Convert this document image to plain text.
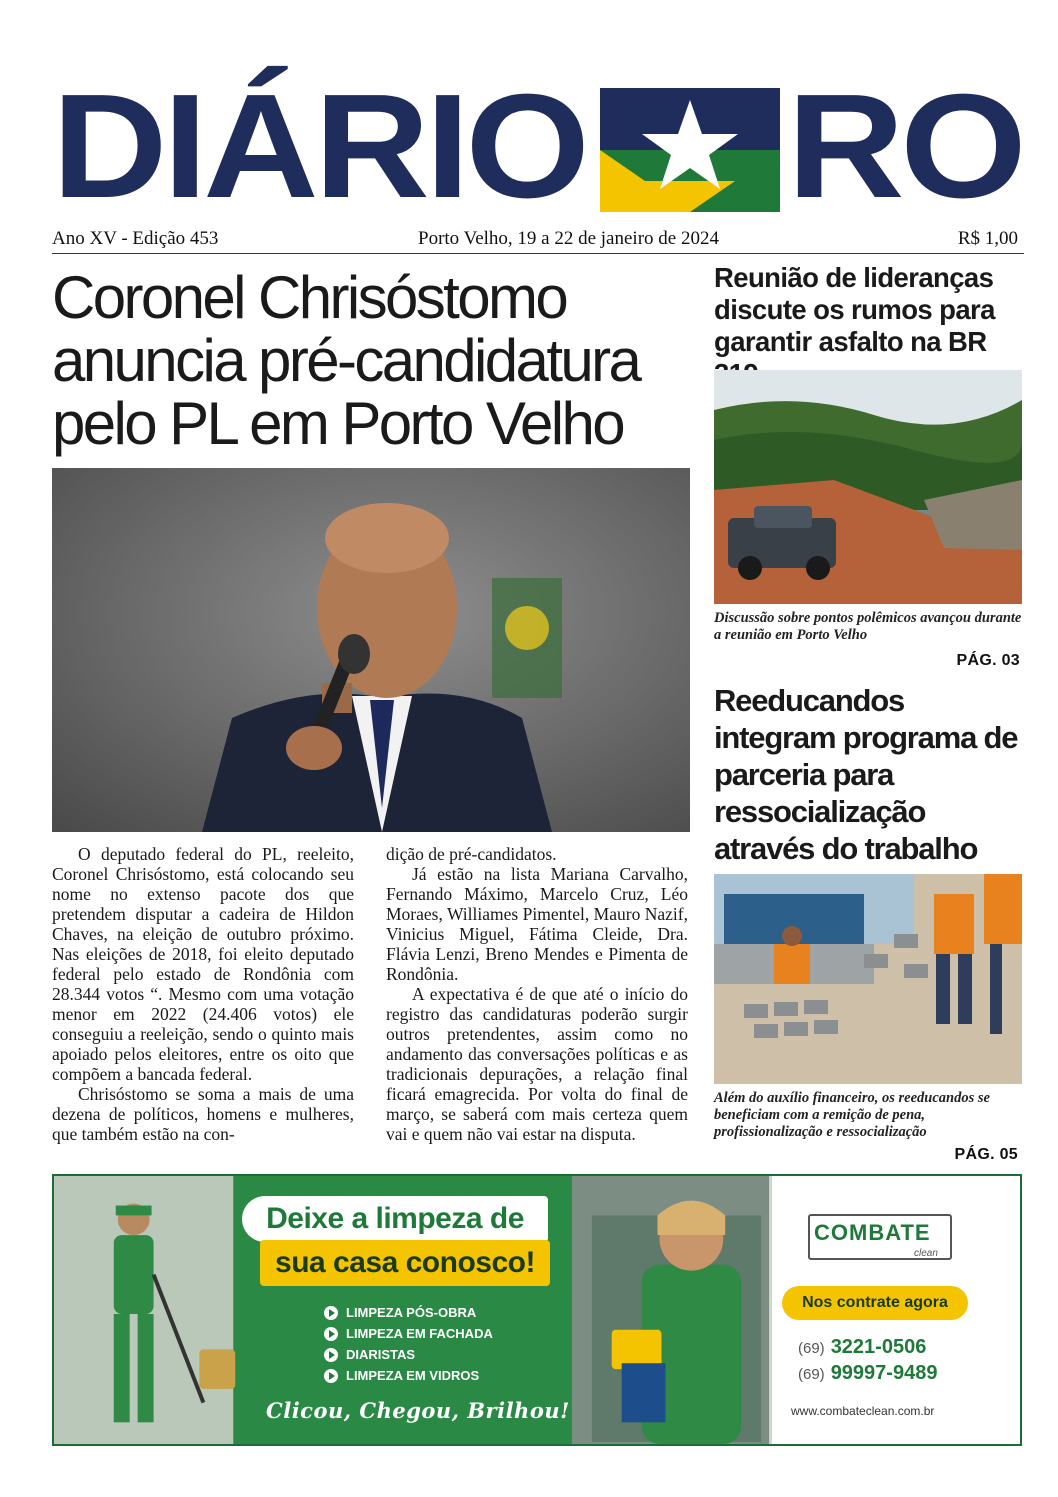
DIÁRIO RO
Ano XV - Edição 453	Porto Velho, 19 a 22 de janeiro de 2024	R$ 1,00
Coronel Chrisóstomo anuncia pré-candidatura pelo PL em Porto Velho

O deputado federal do PL, reeleito, Coronel Chrisóstomo, está colocando seu nome no extenso pacote dos que pretendem disputar a cadeira de Hildon Chaves, na eleição de outubro próximo. Nas eleições de 2018, foi eleito deputado federal pelo estado de Rondônia com 28.344 votos “. Mesmo com uma votação menor em 2022 (24.406 votos) ele conseguiu a reeleição, sendo o quinto mais apoiado pelos eleitores, entre os oito que compõem a bancada federal.

Chrisóstomo se soma a mais de uma dezena de políticos, homens e mulheres, que também estão na con-

dição de pré-candidatos.

Já estão na lista Mariana Carvalho, Fernando Máximo, Marcelo Cruz, Léo Moraes, Williames Pimentel, Mauro Nazif, Vinicius Miguel, Fátima Cleide, Dra. Flávia Lenzi, Breno Mendes e Pimenta de Rondônia.

A expectativa é de que até o início do registro das candidaturas poderão surgir outros pretendentes, assim como no andamento das conversações políticas e as tradicionais depurações, a relação final ficará emagrecida. Por volta do final de março, se saberá com mais certeza quem vai e quem não vai estar na disputa.

Reunião de lideranças discute os rumos para garantir asfalto na BR

Discussão sobre pontos polêmicos avançou durante a reunião em Porto Velho

PÁG. 03
Reeducandos integram programa de parceria para ressocialização através do trabalho

Além do auxílio financeiro, os reeducandos se beneficiam com a remição de pena, profissionalização e ressocialização

PÁG. 05
Deixe a limpeza de
sua casa conosco!
LIMPEZA PÓS-OBRA
LIMPEZA EM FACHADA
DIARISTAS
LIMPEZA EM VIDROS
Clicou, Chegou, Brilhou!
COMBATE
clean
Nos contrate agora
(69) 3221-0506
(69) 99997-9489
www.combateclean.com.br
